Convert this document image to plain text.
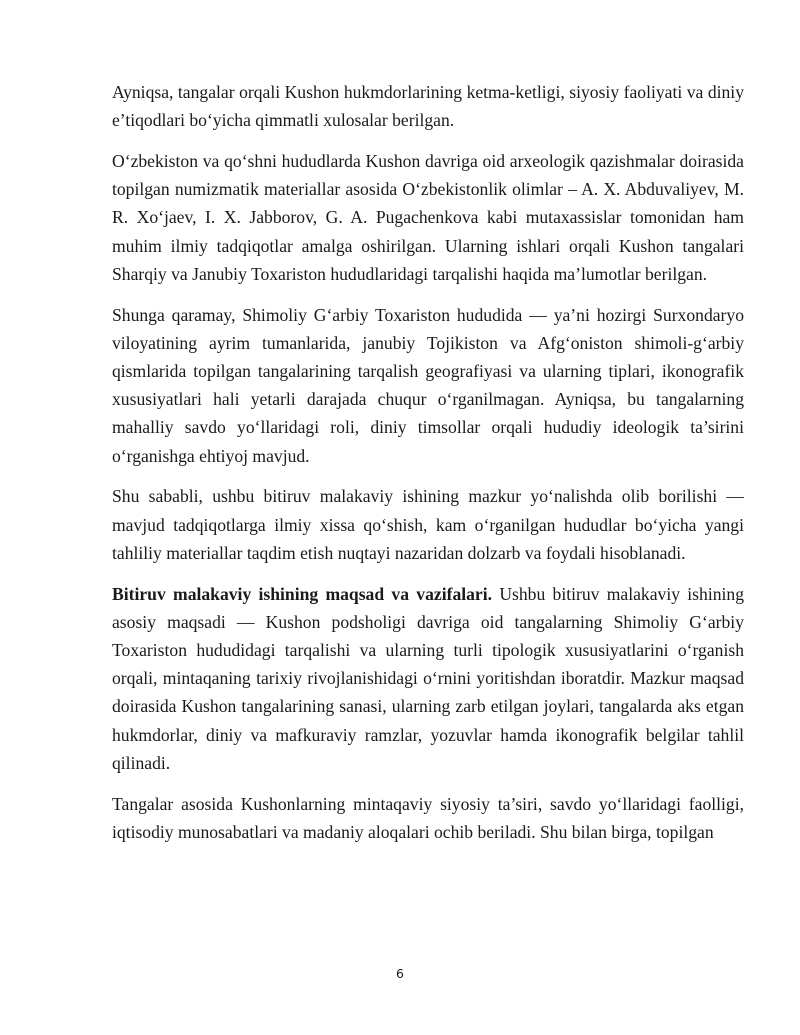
Ayniqsa, tangalar orqali Kushon hukmdorlarining ketma-ketligi, siyosiy faoliyati va diniy e’tiqodlari bo‘yicha qimmatli xulosalar berilgan.

O‘zbekiston va qo‘shni hududlarda Kushon davriga oid arxeologik qazishmalar doirasida topilgan numizmatik materiallar asosida O‘zbekistonlik olimlar – A. X. Abduvaliyev, M. R. Xo‘jaev, I. X. Jabborov, G. A. Pugachenkova kabi mutaxassislar tomonidan ham muhim ilmiy tadqiqotlar amalga oshirilgan. Ularning ishlari orqali Kushon tangalari Sharqiy va Janubiy Toxariston hududlaridagi tarqalishi haqida ma’lumotlar berilgan.

Shunga qaramay, Shimoliy G‘arbiy Toxariston hududida — ya’ni hozirgi Surxondaryo viloyatining ayrim tumanlarida, janubiy Tojikiston va Afg‘oniston shimoli-g‘arbiy qismlarida topilgan tangalarining tarqalish geografiyasi va ularning tiplari, ikonografik xususiyatlari hali yetarli darajada chuqur o‘rganilmagan. Ayniqsa, bu tangalarning mahalliy savdo yo‘llaridagi roli, diniy timsollar orqali hududiy ideologik ta’sirini o‘rganishga ehtiyoj mavjud.

Shu sababli, ushbu bitiruv malakaviy ishining mazkur yo‘nalishda olib borilishi — mavjud tadqiqotlarga ilmiy xissa qo‘shish, kam o‘rganilgan hududlar bo‘yicha yangi tahliliy materiallar taqdim etish nuqtayi nazaridan dolzarb va foydali hisoblanadi.

Bitiruv malakaviy ishining maqsad va vazifalari. Ushbu bitiruv malakaviy ishining asosiy maqsadi — Kushon podsholigi davriga oid tangalarning Shimoliy G‘arbiy Toxariston hududidagi tarqalishi va ularning turli tipologik xususiyatlarini o‘rganish orqali, mintaqaning tarixiy rivojlanishidagi o‘rnini yoritishdan iboratdir. Mazkur maqsad doirasida Kushon tangalarining sanasi, ularning zarb etilgan joylari, tangalarda aks etgan hukmdorlar, diniy va mafkuraviy ramzlar, yozuvlar hamda ikonografik belgilar tahlil qilinadi.

Tangalar asosida Kushonlarning mintaqaviy siyosiy ta’siri, savdo yo‘llaridagi faolligi, iqtisodiy munosabatlari va madaniy aloqalari ochib beriladi. Shu bilan birga, topilgan

6
